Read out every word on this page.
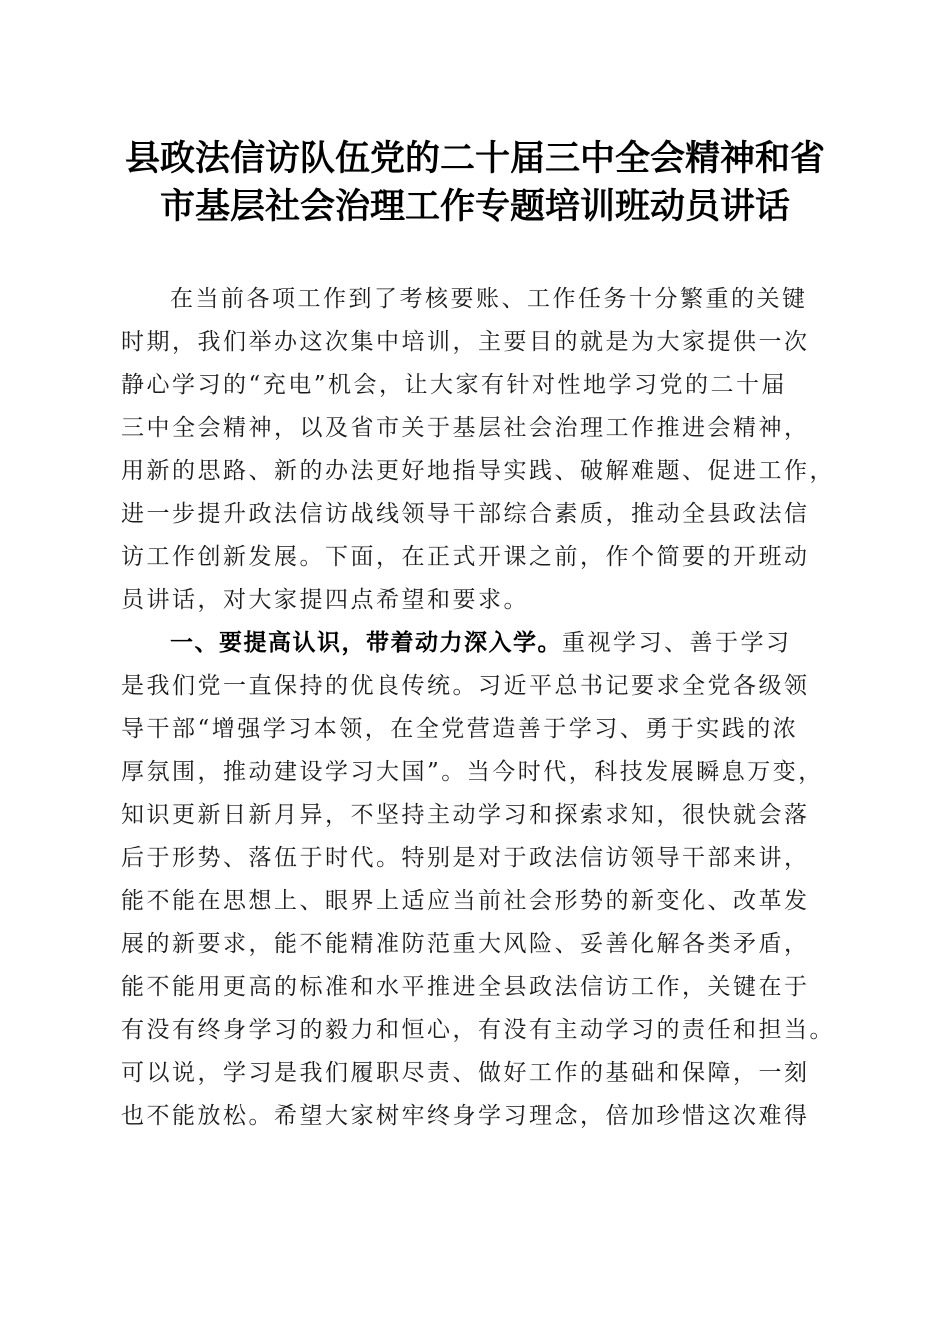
县政法信访队伍党的二十届三中全会精神和省
市基层社会治理工作专题培训班动员讲话
在当前各项工作到了考核要账、工作任务十分繁重的关键
时期，我们举办这次集中培训，主要目的就是为大家提供一次
静心学习的“充电”机会，让大家有针对性地学习党的二十届
三中全会精神，以及省市关于基层社会治理工作推进会精神，
用新的思路、新的办法更好地指导实践、破解难题、促进工作，
进一步提升政法信访战线领导干部综合素质，推动全县政法信
访工作创新发展。下面，在正式开课之前，作个简要的开班动
员讲话，对大家提四点希望和要求。
一、要提高认识，带着动力深入学。重视学习、善于学习
是我们党一直保持的优良传统。习近平总书记要求全党各级领
导干部“增强学习本领，在全党营造善于学习、勇于实践的浓
厚氛围，推动建设学习大国”。当今时代，科技发展瞬息万变，
知识更新日新月异，不坚持主动学习和探索求知，很快就会落
后于形势、落伍于时代。特别是对于政法信访领导干部来讲，
能不能在思想上、眼界上适应当前社会形势的新变化、改革发
展的新要求，能不能精准防范重大风险、妥善化解各类矛盾，
能不能用更高的标准和水平推进全县政法信访工作，关键在于
有没有终身学习的毅力和恒心，有没有主动学习的责任和担当。
可以说，学习是我们履职尽责、做好工作的基础和保障，一刻
也不能放松。希望大家树牢终身学习理念，倍加珍惜这次难得
